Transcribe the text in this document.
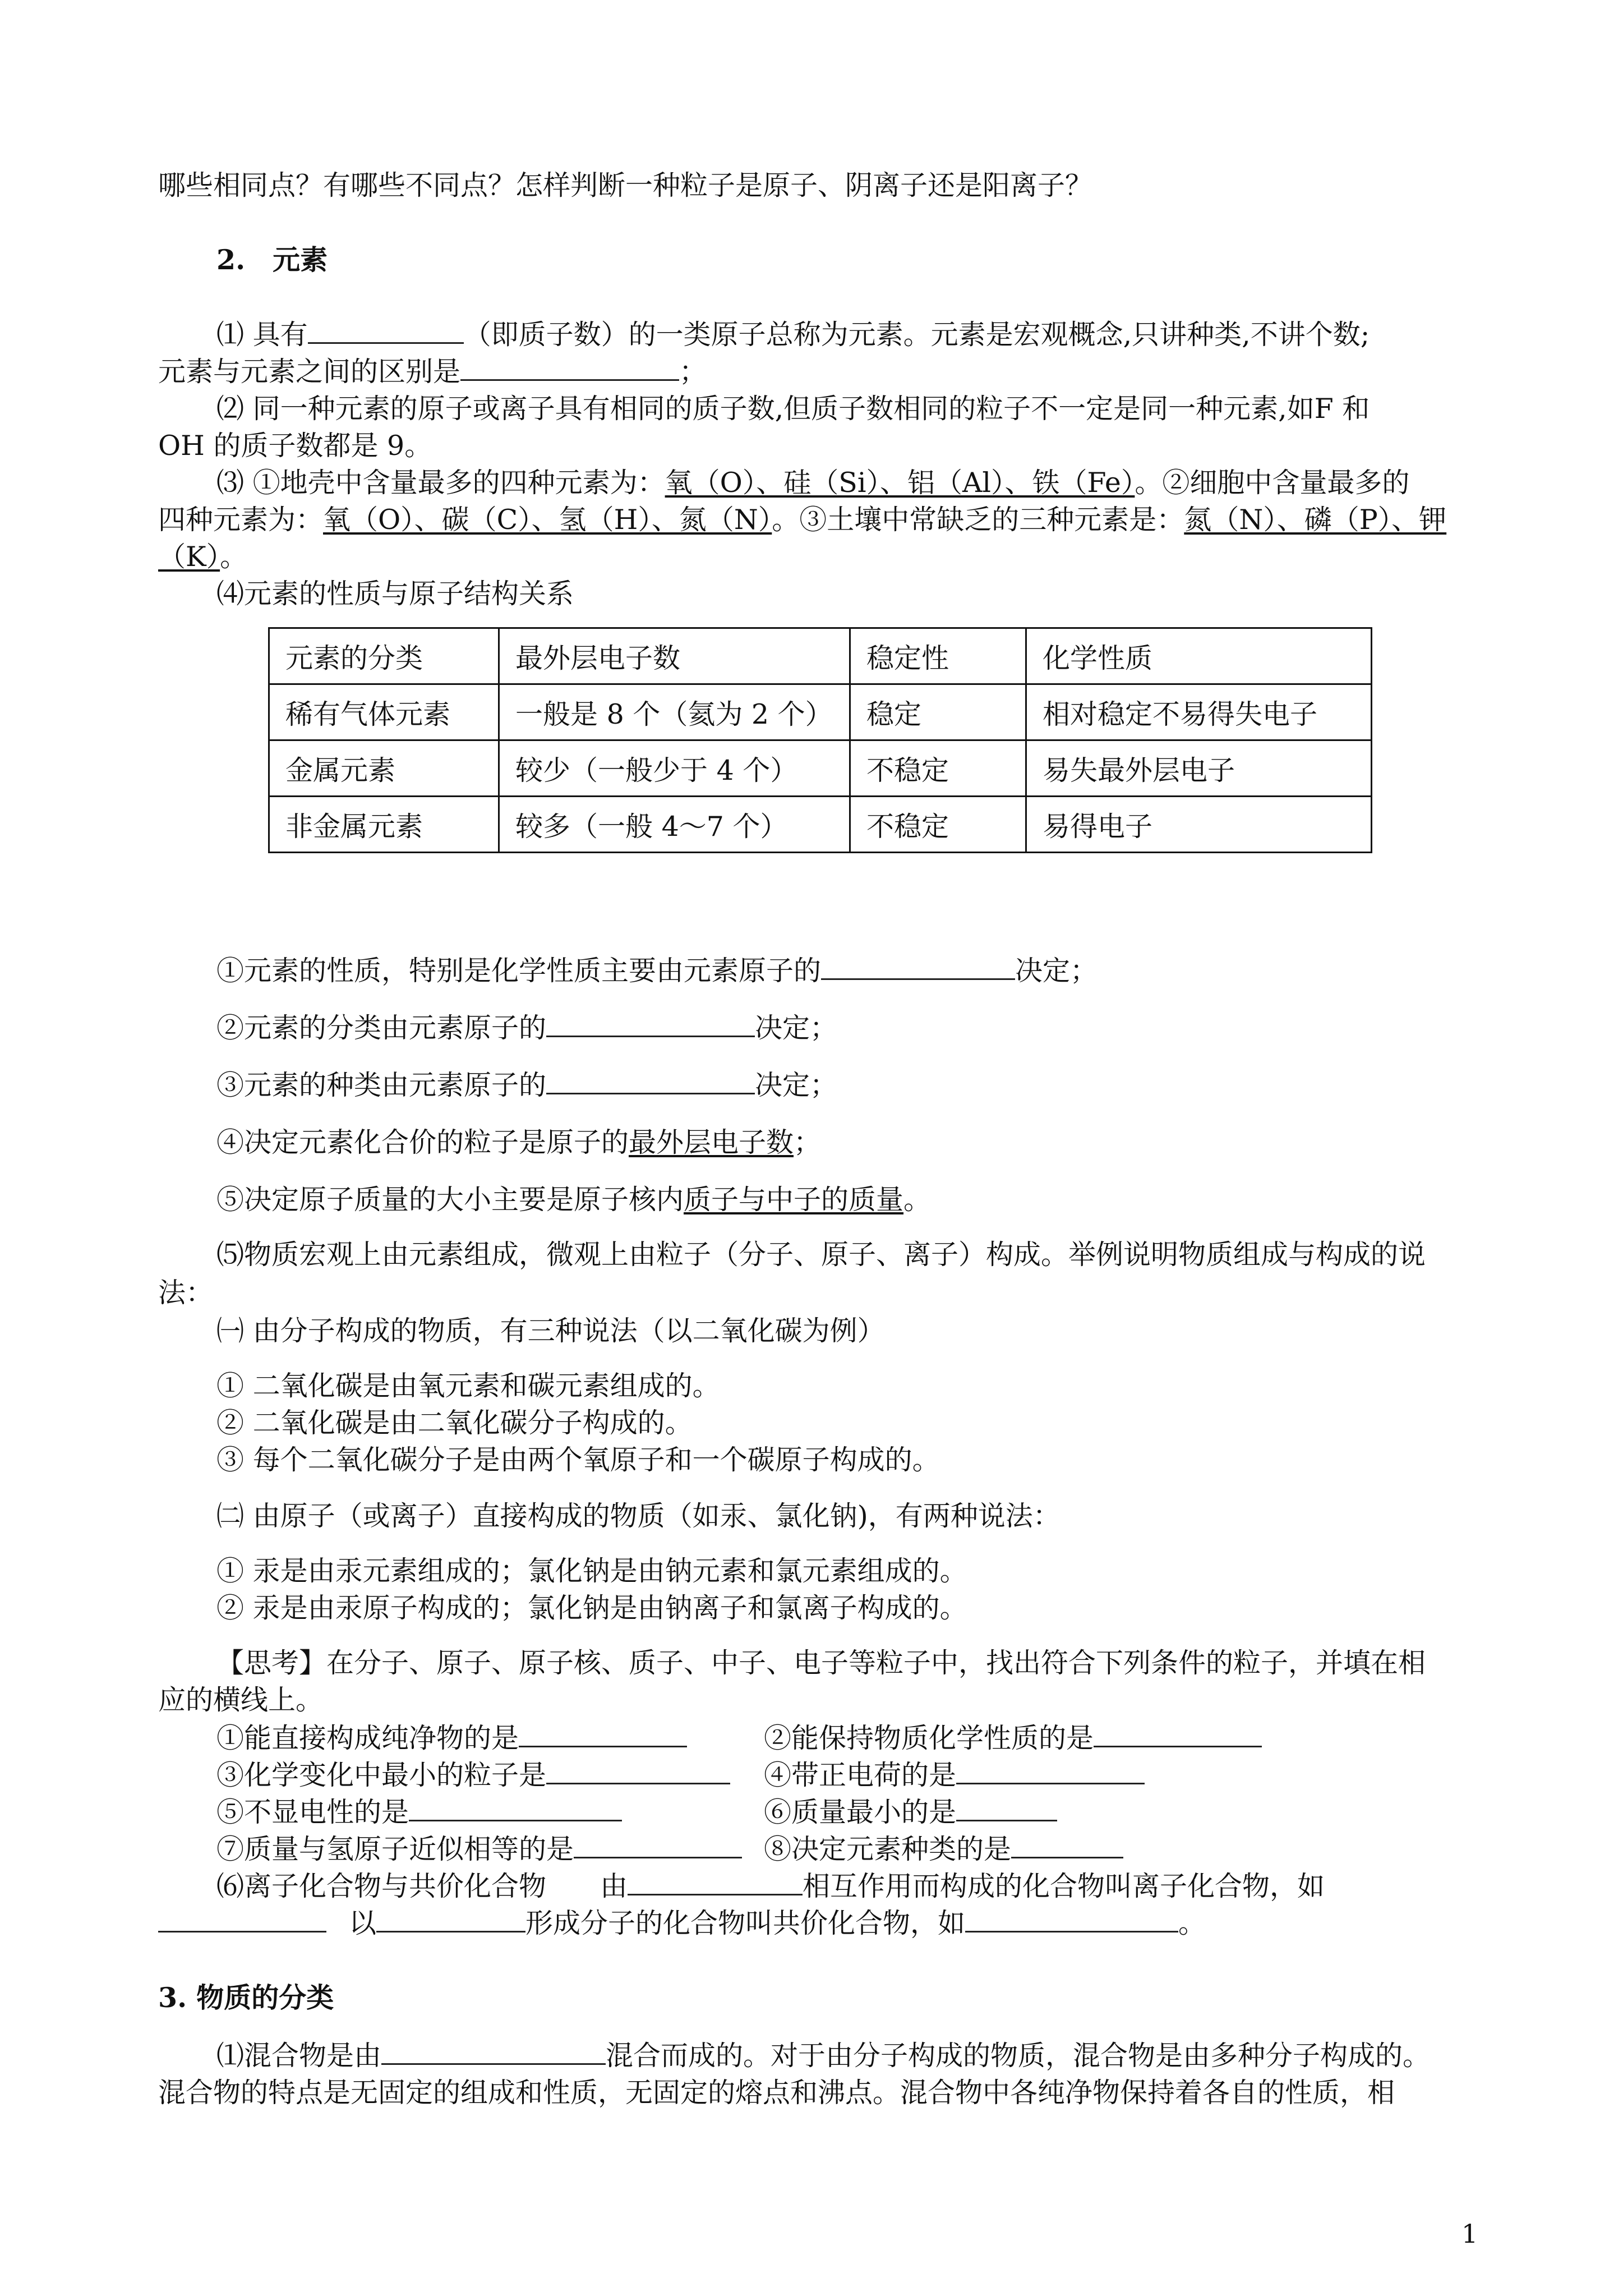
哪些相同点？有哪些不同点？怎样判断一种粒子是原子、阴离子还是阳离子？
2.　元素
⑴ 具有	（即质子数）的一类原子总称为元素。元素是宏观概念,只讲种类,不讲个数;
元素与元素之间的区别是	；
⑵ 同一种元素的原子或离子具有相同的质子数,但质子数相同的粒子不一定是同一种元素,如F 和
OH 的质子数都是 9。
⑶ ①地壳中含量最多的四种元素为：氧（O）、硅（Si）、铝（Al）、铁（Fe）。②细胞中含量最多的
四种元素为：氧（O）、碳（C）、氢（H）、氮（N）。③土壤中常缺乏的三种元素是：氮（N）、磷（P）、钾
（K）。
⑷元素的性质与原子结构关系
元素的分类	最外层电子数	稳定性	化学性质
稀有气体元素	一般是 8 个（氦为 2 个）	稳定	相对稳定不易得失电子
金属元素	较少（一般少于 4 个）	不稳定	易失最外层电子
非金属元素	较多（一般 4～7 个）	不稳定	易得电子
①元素的性质，特别是化学性质主要由元素原子的	决定；
②元素的分类由元素原子的	决定；
③元素的种类由元素原子的	决定；
④决定元素化合价的粒子是原子的最外层电子数；
⑤决定原子质量的大小主要是原子核内质子与中子的质量。
⑸物质宏观上由元素组成，微观上由粒子（分子、原子、离子）构成。举例说明物质组成与构成的说
法：
㈠ 由分子构成的物质，有三种说法（以二氧化碳为例）
① 二氧化碳是由氧元素和碳元素组成的。
② 二氧化碳是由二氧化碳分子构成的。
③ 每个二氧化碳分子是由两个氧原子和一个碳原子构成的。
㈡ 由原子（或离子）直接构成的物质（如汞、氯化钠)，有两种说法：
① 汞是由汞元素组成的；氯化钠是由钠元素和氯元素组成的。
② 汞是由汞原子构成的；氯化钠是由钠离子和氯离子构成的。
【思考】在分子、原子、原子核、质子、中子、电子等粒子中，找出符合下列条件的粒子，并填在相
应的横线上。
①能直接构成纯净物的是	②能保持物质化学性质的是
③化学变化中最小的粒子是	④带正电荷的是
⑤不显电性的是	⑥质量最小的是
⑦质量与氢原子近似相等的是	⑧决定元素种类的是
⑹离子化合物与共价化合物 由	相互作用而构成的化合物叫离子化合物，如
以	形成分子的化合物叫共价化合物，如	。
3. 物质的分类
⑴混合物是由	混合而成的。对于由分子构成的物质，混合物是由多种分子构成的。
混合物的特点是无固定的组成和性质，无固定的熔点和沸点。混合物中各纯净物保持着各自的性质，相
1
